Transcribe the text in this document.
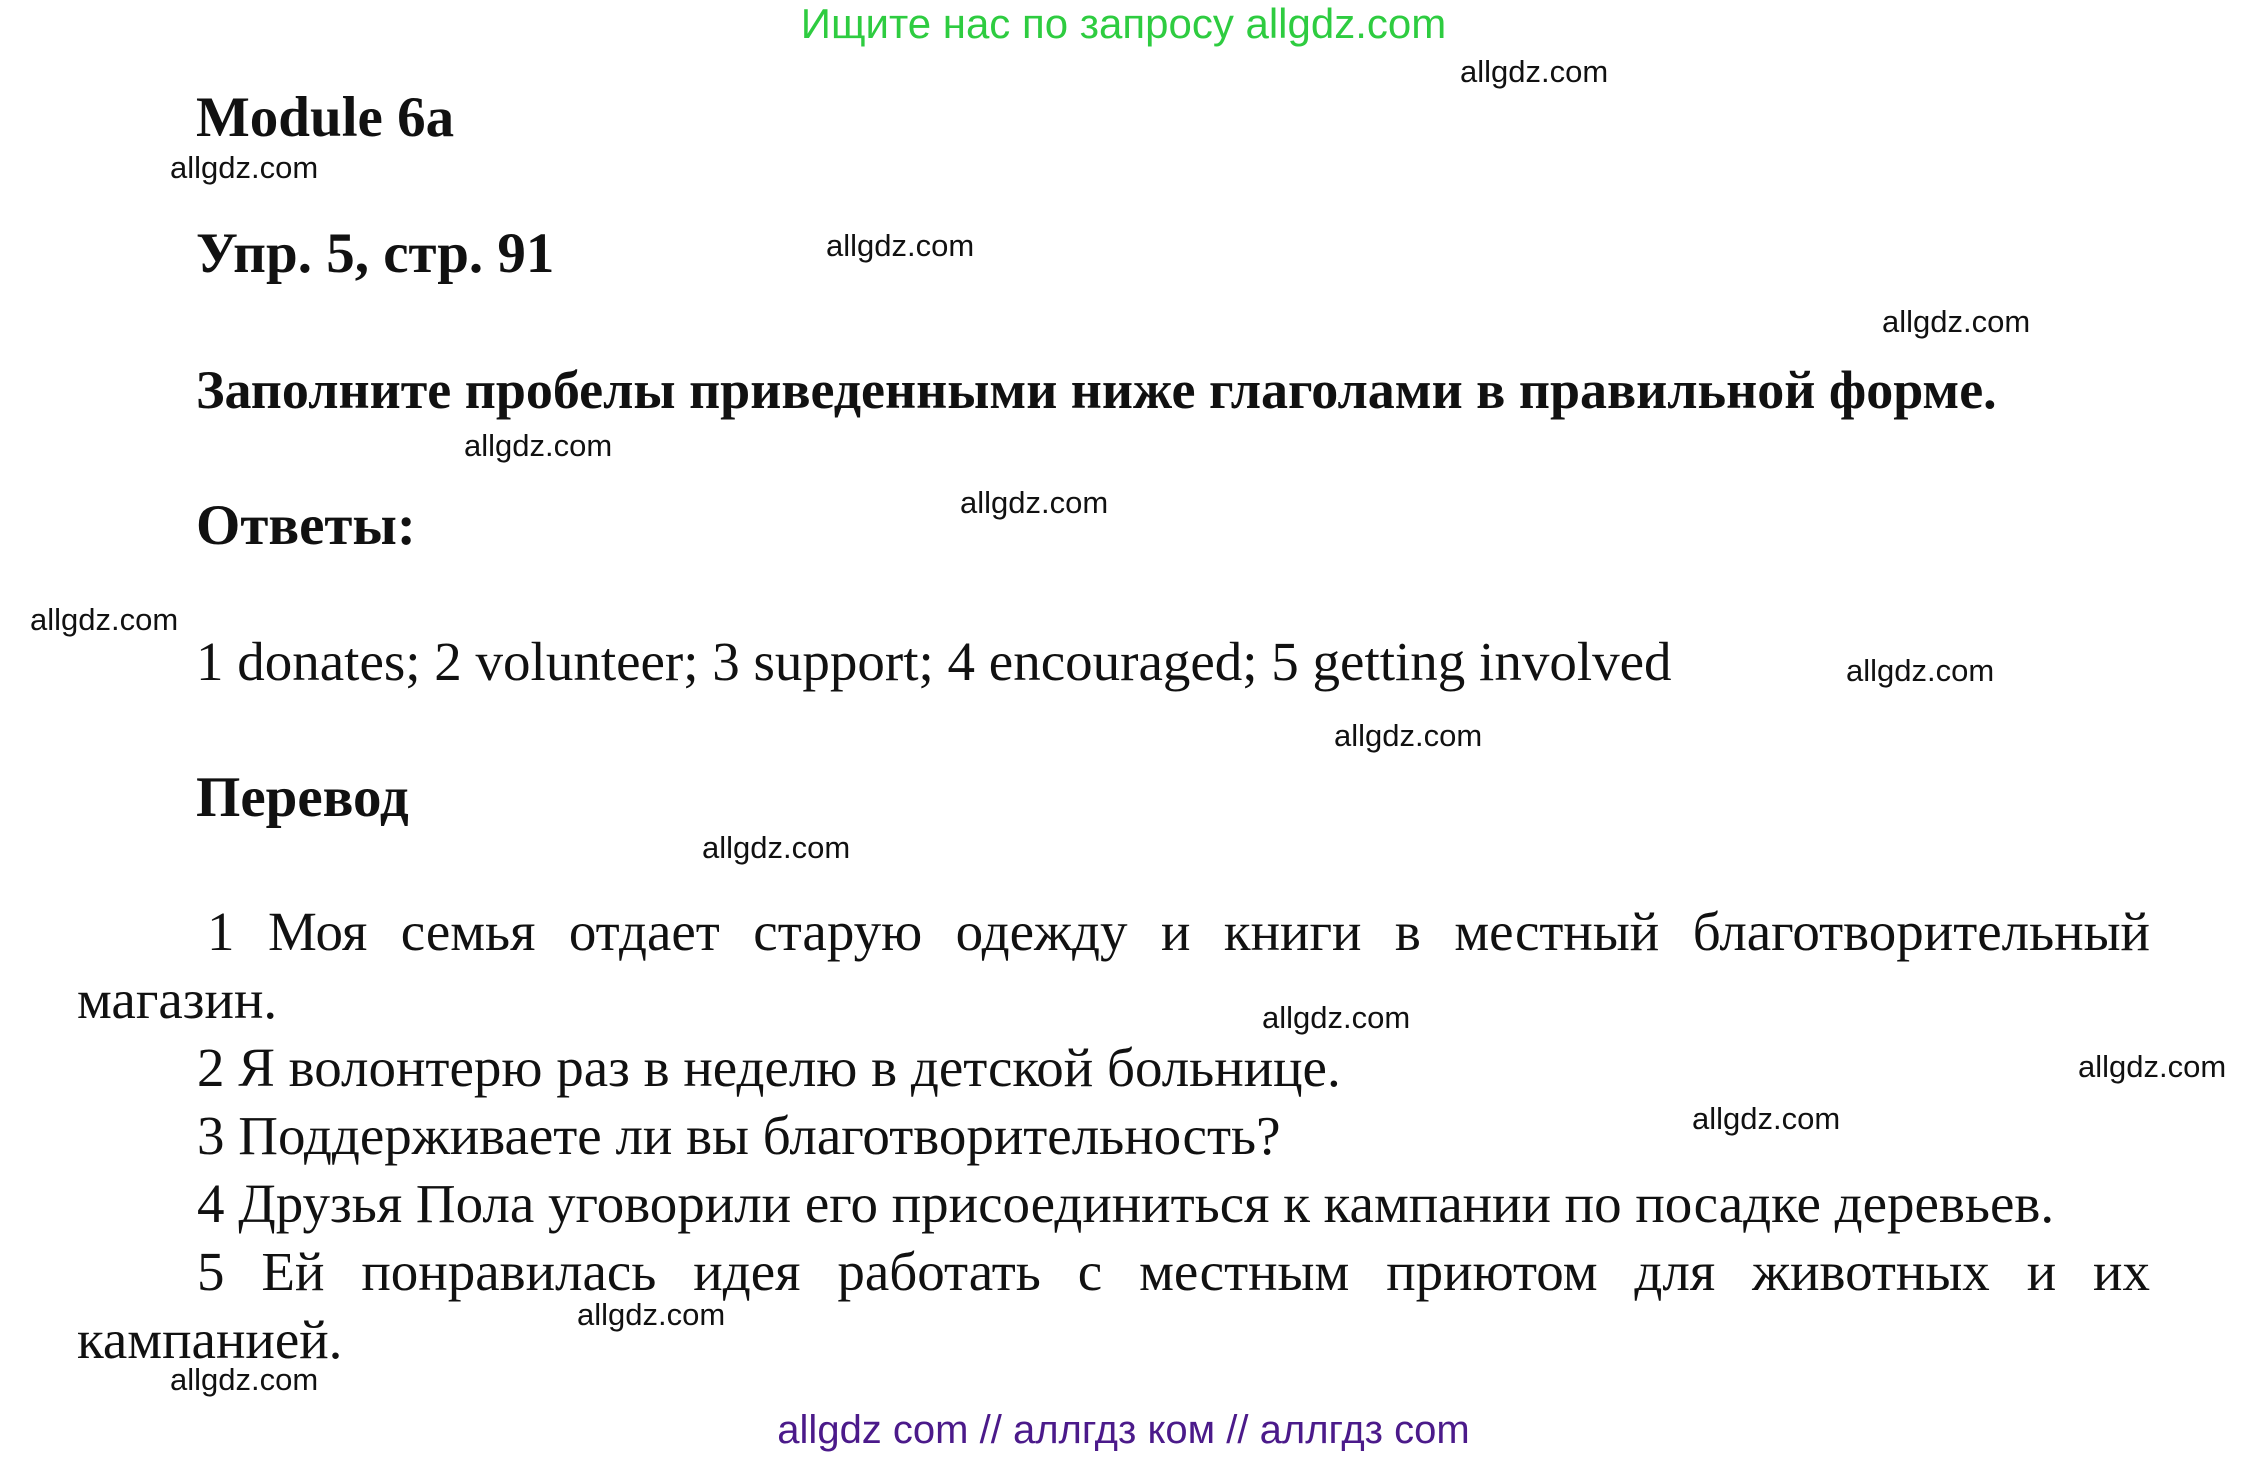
Ищите нас по запросу allgdz.com
Module 6a
Упр. 5, стр. 91
Заполните пробелы приведенными ниже глаголами в правильной форме.
Ответы:
1 donates; 2 volunteer; 3 support; 4 encouraged; 5 getting involved
Перевод
1 Моя семья отдает старую одежду и книги в местный благотворительный магазин.
2 Я волонтерю раз в неделю в детской больнице.
3 Поддерживаете ли вы благотворительность?
4 Друзья Пола уговорили его присоединиться к кампании по посадке деревьев.
5 Ей понравилась идея работать с местным приютом для животных и их кампанией.
allgdz.com
allgdz.com
allgdz.com
allgdz.com
allgdz.com
allgdz.com
allgdz.com
allgdz.com
allgdz.com
allgdz.com
allgdz.com
allgdz.com
allgdz.com
allgdz.com
allgdz.com
allgdz com // аллгдз ком // аллгдз com
